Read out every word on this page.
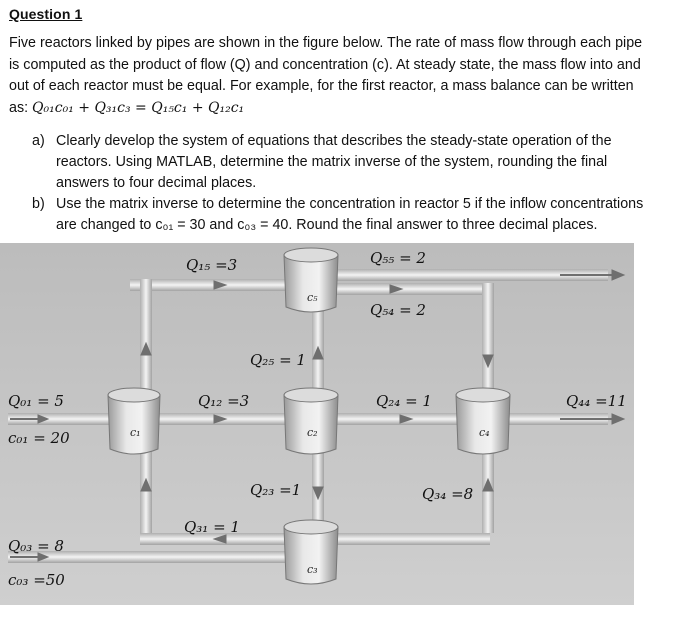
Question 1
Five reactors linked by pipes are shown in the figure below. The rate of mass flow through each pipe
is computed as the product of flow (Q) and concentration (c). At steady state, the mass flow into and
out of each reactor must be equal. For example, for the first reactor, a mass balance can be written
as: Q₀₁c₀₁ + Q₃₁c₃ = Q₁₅c₁ + Q₁₂c₁
a) Clearly develop the system of equations that describes the steady-state operation of the
reactors. Using MATLAB, determine the matrix inverse of the system, rounding the final
answers to four decimal places.
b) Use the matrix inverse to determine the concentration in reactor 5 if the inflow concentrations
are changed to c₀₁ = 30 and c₀₃ = 40. Round the final answer to three decimal places.
c₁	c₂
c₃
c₄
c₅
Q₁₅ =3	Q₅₅ = 2
Q₅₄ = 2
Q₂₅ = 1
Q₀₁ = 5
c₀₁ = 20
Q₁₂ =3	Q₂₄ = 1	Q₄₄ =11
Q₂₃ =1	Q₃₄ =8
Q₃₁ = 1
Q₀₃ = 8
c₀₃ =50
